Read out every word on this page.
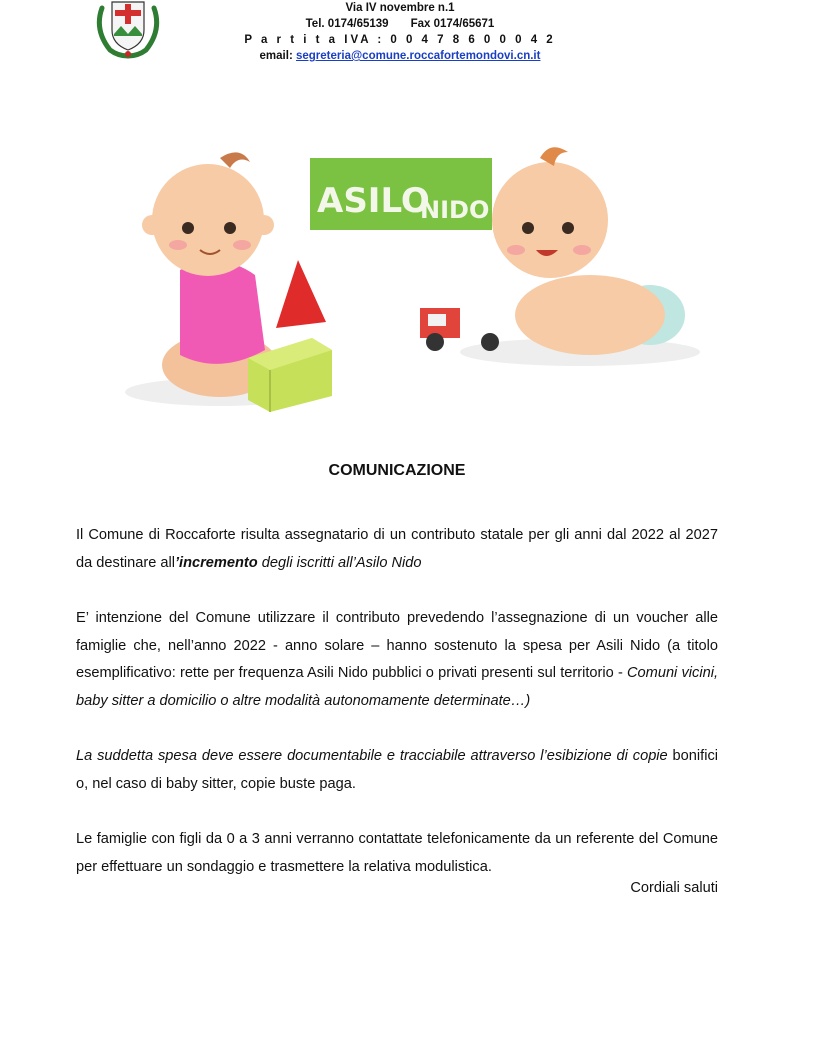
Via IV novembre n.1
Tel. 0174/65139 Fax 0174/65671
P a r t i t a IVA : 0 0 4 7 8 6 0 0 0 4 2
email: segreteria@comune.roccafortemondovi.cn.it
ASILO
NIDO
COMUNICAZIONE

Il Comune di Roccaforte risulta assegnatario di un contributo statale per gli anni dal 2022 al 2027 da destinare all’incremento degli iscritti all’Asilo Nido

E’ intenzione del Comune utilizzare il contributo prevedendo l’assegnazione di un voucher alle famiglie che, nell’anno 2022 - anno solare – hanno sostenuto la spesa per Asili Nido (a titolo esemplificativo: rette per frequenza Asili Nido pubblici o privati presenti sul territorio - Comuni vicini, baby sitter a domicilio o altre modalità autonomamente determinate…)

La suddetta spesa deve essere documentabile e tracciabile attraverso l’esibizione di copie bonifici o, nel caso di baby sitter, copie buste paga.

Le famiglie con figli da 0 a 3 anni verranno contattate telefonicamente da un referente del Comune per effettuare un sondaggio e trasmettere la relativa modulistica.

Cordiali saluti
